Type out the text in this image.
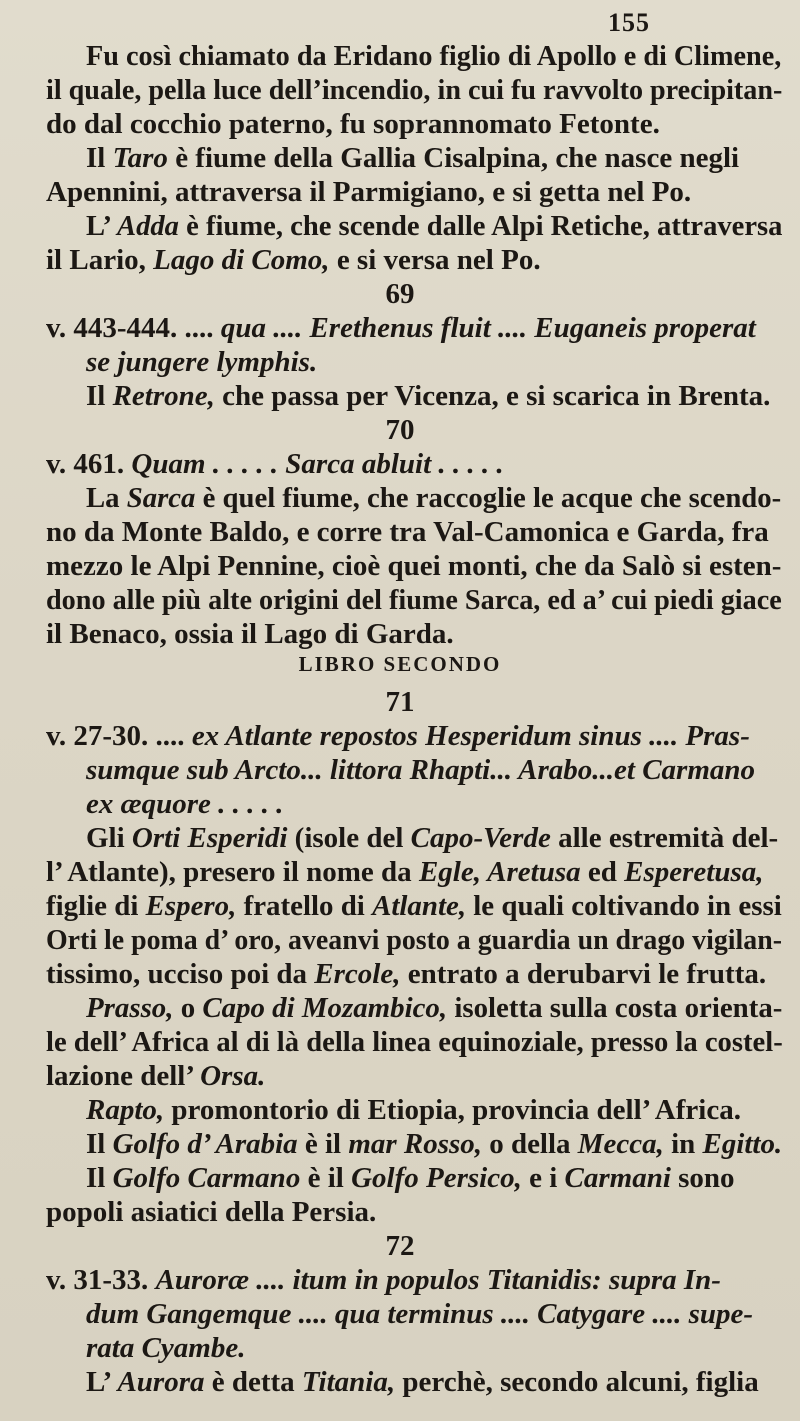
155
Fu così chiamato da Eridano figlio di Apollo e di Climene,
il quale, pella luce dell’incendio, in cui fu ravvolto precipitan-
do dal cocchio paterno, fu soprannomato Fetonte.
Il Taro è fiume della Gallia Cisalpina, che nasce negli
Apennini, attraversa il Parmigiano, e si getta nel Po.
L’ Adda è fiume, che scende dalle Alpi Retiche, attraversa
il Lario, Lago di Como, e si versa nel Po.
69
v. 443-444. .... qua .... Erethenus fluit .... Euganeis properat
se jungere lymphis.
Il Retrone, che passa per Vicenza, e si scarica in Brenta.
70
v. 461. Quam . . . . . Sarca abluit . . . . .
La Sarca è quel fiume, che raccoglie le acque che scendo-
no da Monte Baldo, e corre tra Val-Camonica e Garda, fra
mezzo le Alpi Pennine, cioè quei monti, che da Salò si esten-
dono alle più alte origini del fiume Sarca, ed a’ cui piedi giace
il Benaco, ossia il Lago di Garda.
LIBRO SECONDO
71
v. 27-30. .... ex Atlante repostos Hesperidum sinus .... Pras-
sumque sub Arcto... littora Rhapti... Arabo...et Carmano
ex æquore . . . . .
Gli Orti Esperidi (isole del Capo-Verde alle estremità del-
l’ Atlante), presero il nome da Egle, Aretusa ed Esperetusa,
figlie di Espero, fratello di Atlante, le quali coltivando in essi
Orti le poma d’ oro, aveanvi posto a guardia un drago vigilan-
tissimo, ucciso poi da Ercole, entrato a derubarvi le frutta.
Prasso, o Capo di Mozambico, isoletta sulla costa orienta-
le dell’ Africa al di là della linea equinoziale, presso la costel-
lazione dell’ Orsa.
Rapto, promontorio di Etiopia, provincia dell’ Africa.
Il Golfo d’ Arabia è il mar Rosso, o della Mecca, in Egitto.
Il Golfo Carmano è il Golfo Persico, e i Carmani sono
popoli asiatici della Persia.
72
v. 31-33. Auroræ .... itum in populos Titanidis: supra In-
dum Gangemque .... qua terminus .... Catygare .... supe-
rata Cyambe.
L’ Aurora è detta Titania, perchè, secondo alcuni, figlia
